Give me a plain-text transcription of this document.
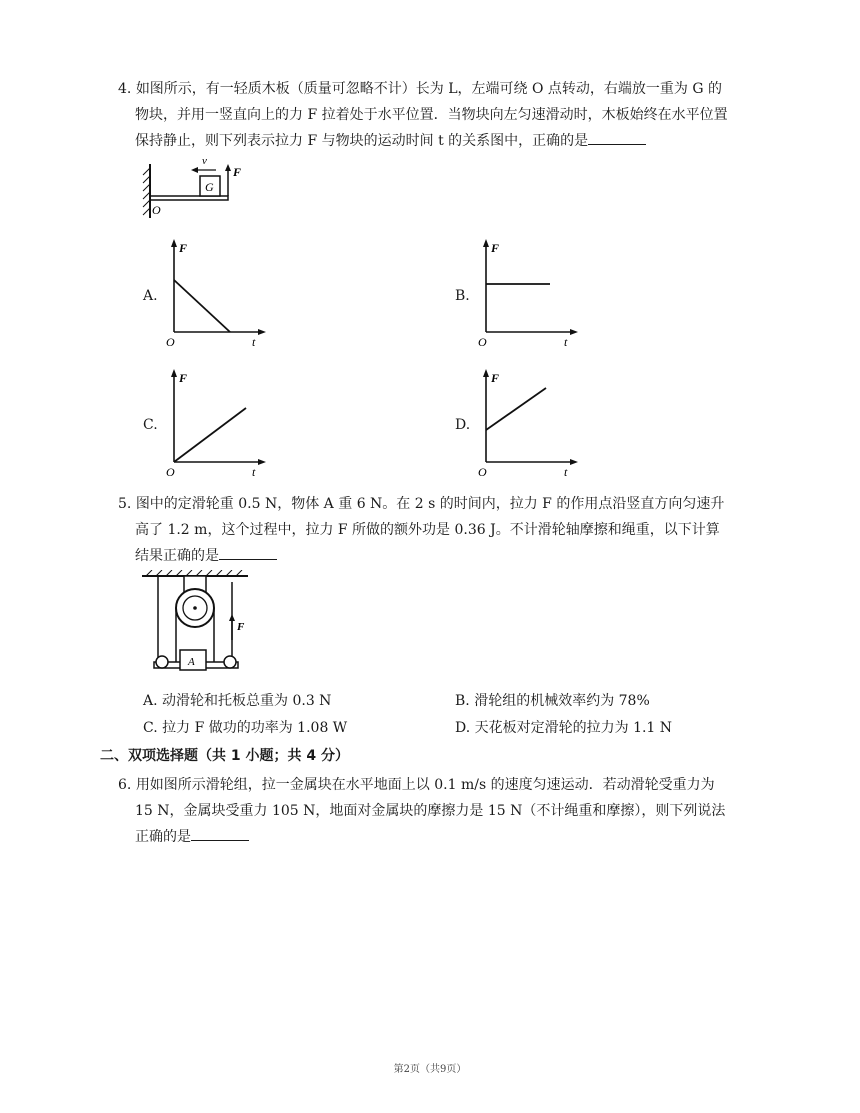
4. 如图所示，有一轻质木板（质量可忽略不计）长为 L，左端可绕 O 点转动，右端放一重为 G 的
物块，并用一竖直向上的力 F 拉着处于水平位置．当物块向左匀速滑动时，木板始终在水平位置
保持静止，则下列表示拉力 F 与物块的运动时间 t 的关系图中，正确的是
G
F
v
O
A.
F
O	t
B.
F
O	t
C.
F
O	t
D.
F
O	t
5. 图中的定滑轮重 0.5 N，物体 A 重 6 N。在 2 s 的时间内，拉力 F 的作用点沿竖直方向匀速升
高了 1.2 m，这个过程中，拉力 F 所做的额外功是 0.36 J。不计滑轮轴摩擦和绳重，以下计算
结果正确的是
A
F
A. 动滑轮和托板总重为 0.3 N	B. 滑轮组的机械效率约为 78%
C. 拉力 F 做功的功率为 1.08 W	D. 天花板对定滑轮的拉力为 1.1 N
二、双项选择题（共 1 小题；共 4 分）
6. 用如图所示滑轮组，拉一金属块在水平地面上以 0.1 m/s 的速度匀速运动．若动滑轮受重力为
15 N，金属块受重力 105 N，地面对金属块的摩擦力是 15 N（不计绳重和摩擦），则下列说法
正确的是
第2页（共9页）
